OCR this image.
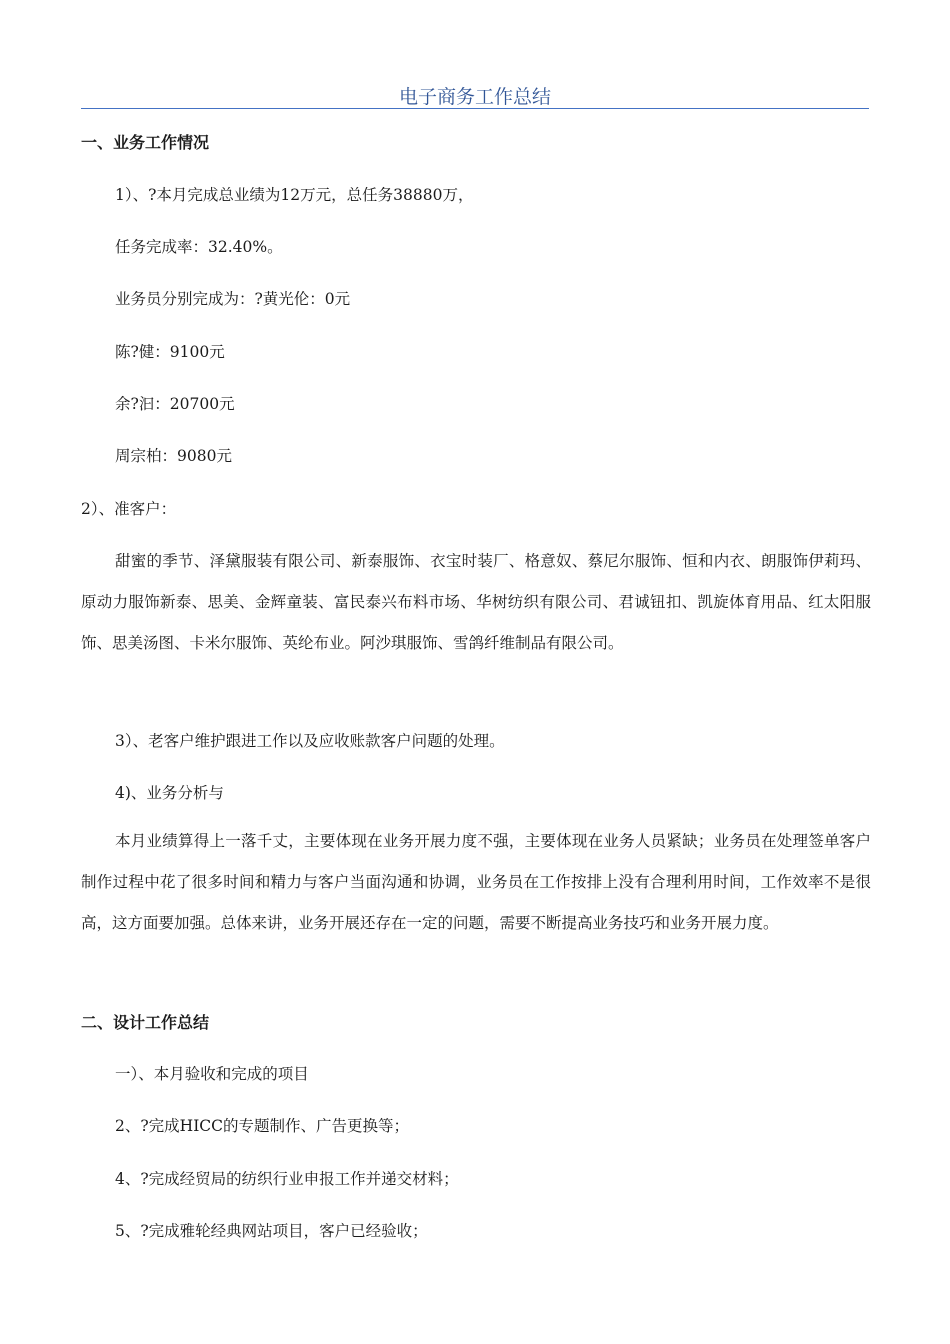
电子商务工作总结
一、业务工作情况
1）、?本月完成总业绩为12万元，总任务38880万，
任务完成率：32.40%。
业务员分别完成为：?黄光伦：0元
陈?健：9100元
余?汩：20700元
周宗柏：9080元
2）、准客户：
甜蜜的季节、泽黛服装有限公司、新泰服饰、衣宝时装厂、格意奴、蔡尼尔服饰、恒和内衣、朗服饰伊莉玛、原动力服饰新泰、思美、金辉童装、富民泰兴布料市场、华树纺织有限公司、君诚钮扣、凯旋体育用品、红太阳服饰、思美汤图、卡米尔服饰、英纶布业。阿沙琪服饰、雪鸽纤维制品有限公司。
3）、老客户维护跟进工作以及应收账款客户问题的处理。
4)、业务分析与
本月业绩算得上一落千丈，主要体现在业务开展力度不强，主要体现在业务人员紧缺；业务员在处理签单客户制作过程中花了很多时间和精力与客户当面沟通和协调，业务员在工作按排上没有合理利用时间，工作效率不是很高，这方面要加强。总体来讲，业务开展还存在一定的问题，需要不断提高业务技巧和业务开展力度。
二、设计工作总结
一）、本月验收和完成的项目
2、?完成HICC的专题制作、广告更换等；
4、?完成经贸局的纺织行业申报工作并递交材料；
5、?完成雅轮经典网站项目，客户已经验收；
